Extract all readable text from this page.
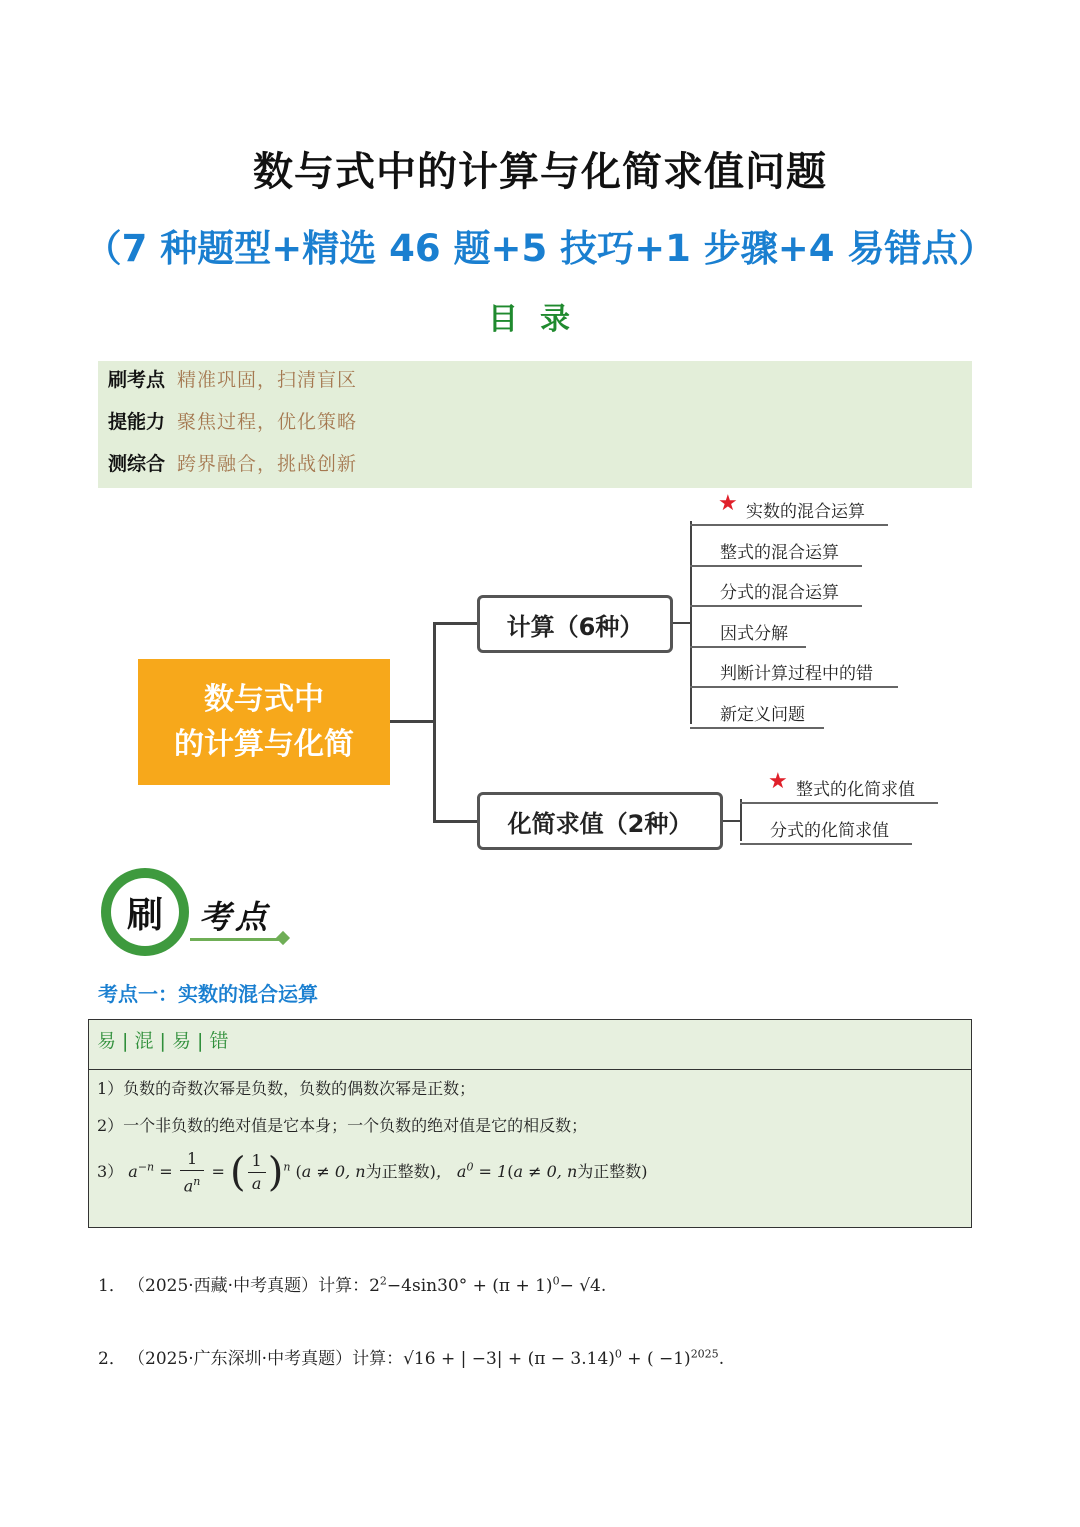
数与式中的计算与化简求值问题
（7 种题型+精选 46 题+5 技巧+1 步骤+4 易错点）
目录
刷考点 精准巩固，扫清盲区
提能力 聚焦过程，优化策略
测综合 跨界融合，挑战创新
数与式中
的计算与化简
计算（6种）
化简求值（2种）
★ 实数的混合运算
整式的混合运算
分式的混合运算
因式分解
判断计算过程中的错
新定义问题
★ 整式的化简求值
分式的化简求值
刷	考点
考点一：实数的混合运算
易 | 混 | 易 | 错
1）负数的奇数次幂是负数，负数的偶数次幂是正数；
2）一个非负数的绝对值是它本身；一个负数的绝对值是它的相反数；
3） $a^{-n} = \frac{1}{a^n}$ = ( $\frac{1}{a} )^n$ (a ≠ 0, n为正整数)， $a^0 = 1(a \ne 0$, n为正整数)
1． （2025·西藏·中考真题）计算：$2^2-4\sin 30^\circ + (\pi + 1)^0- √4$.
2． （2025·广东深圳·中考真题）计算：√16 + | $-3| + (\pi - 3.14)^0$ + ( −1)$^{2025}$.
